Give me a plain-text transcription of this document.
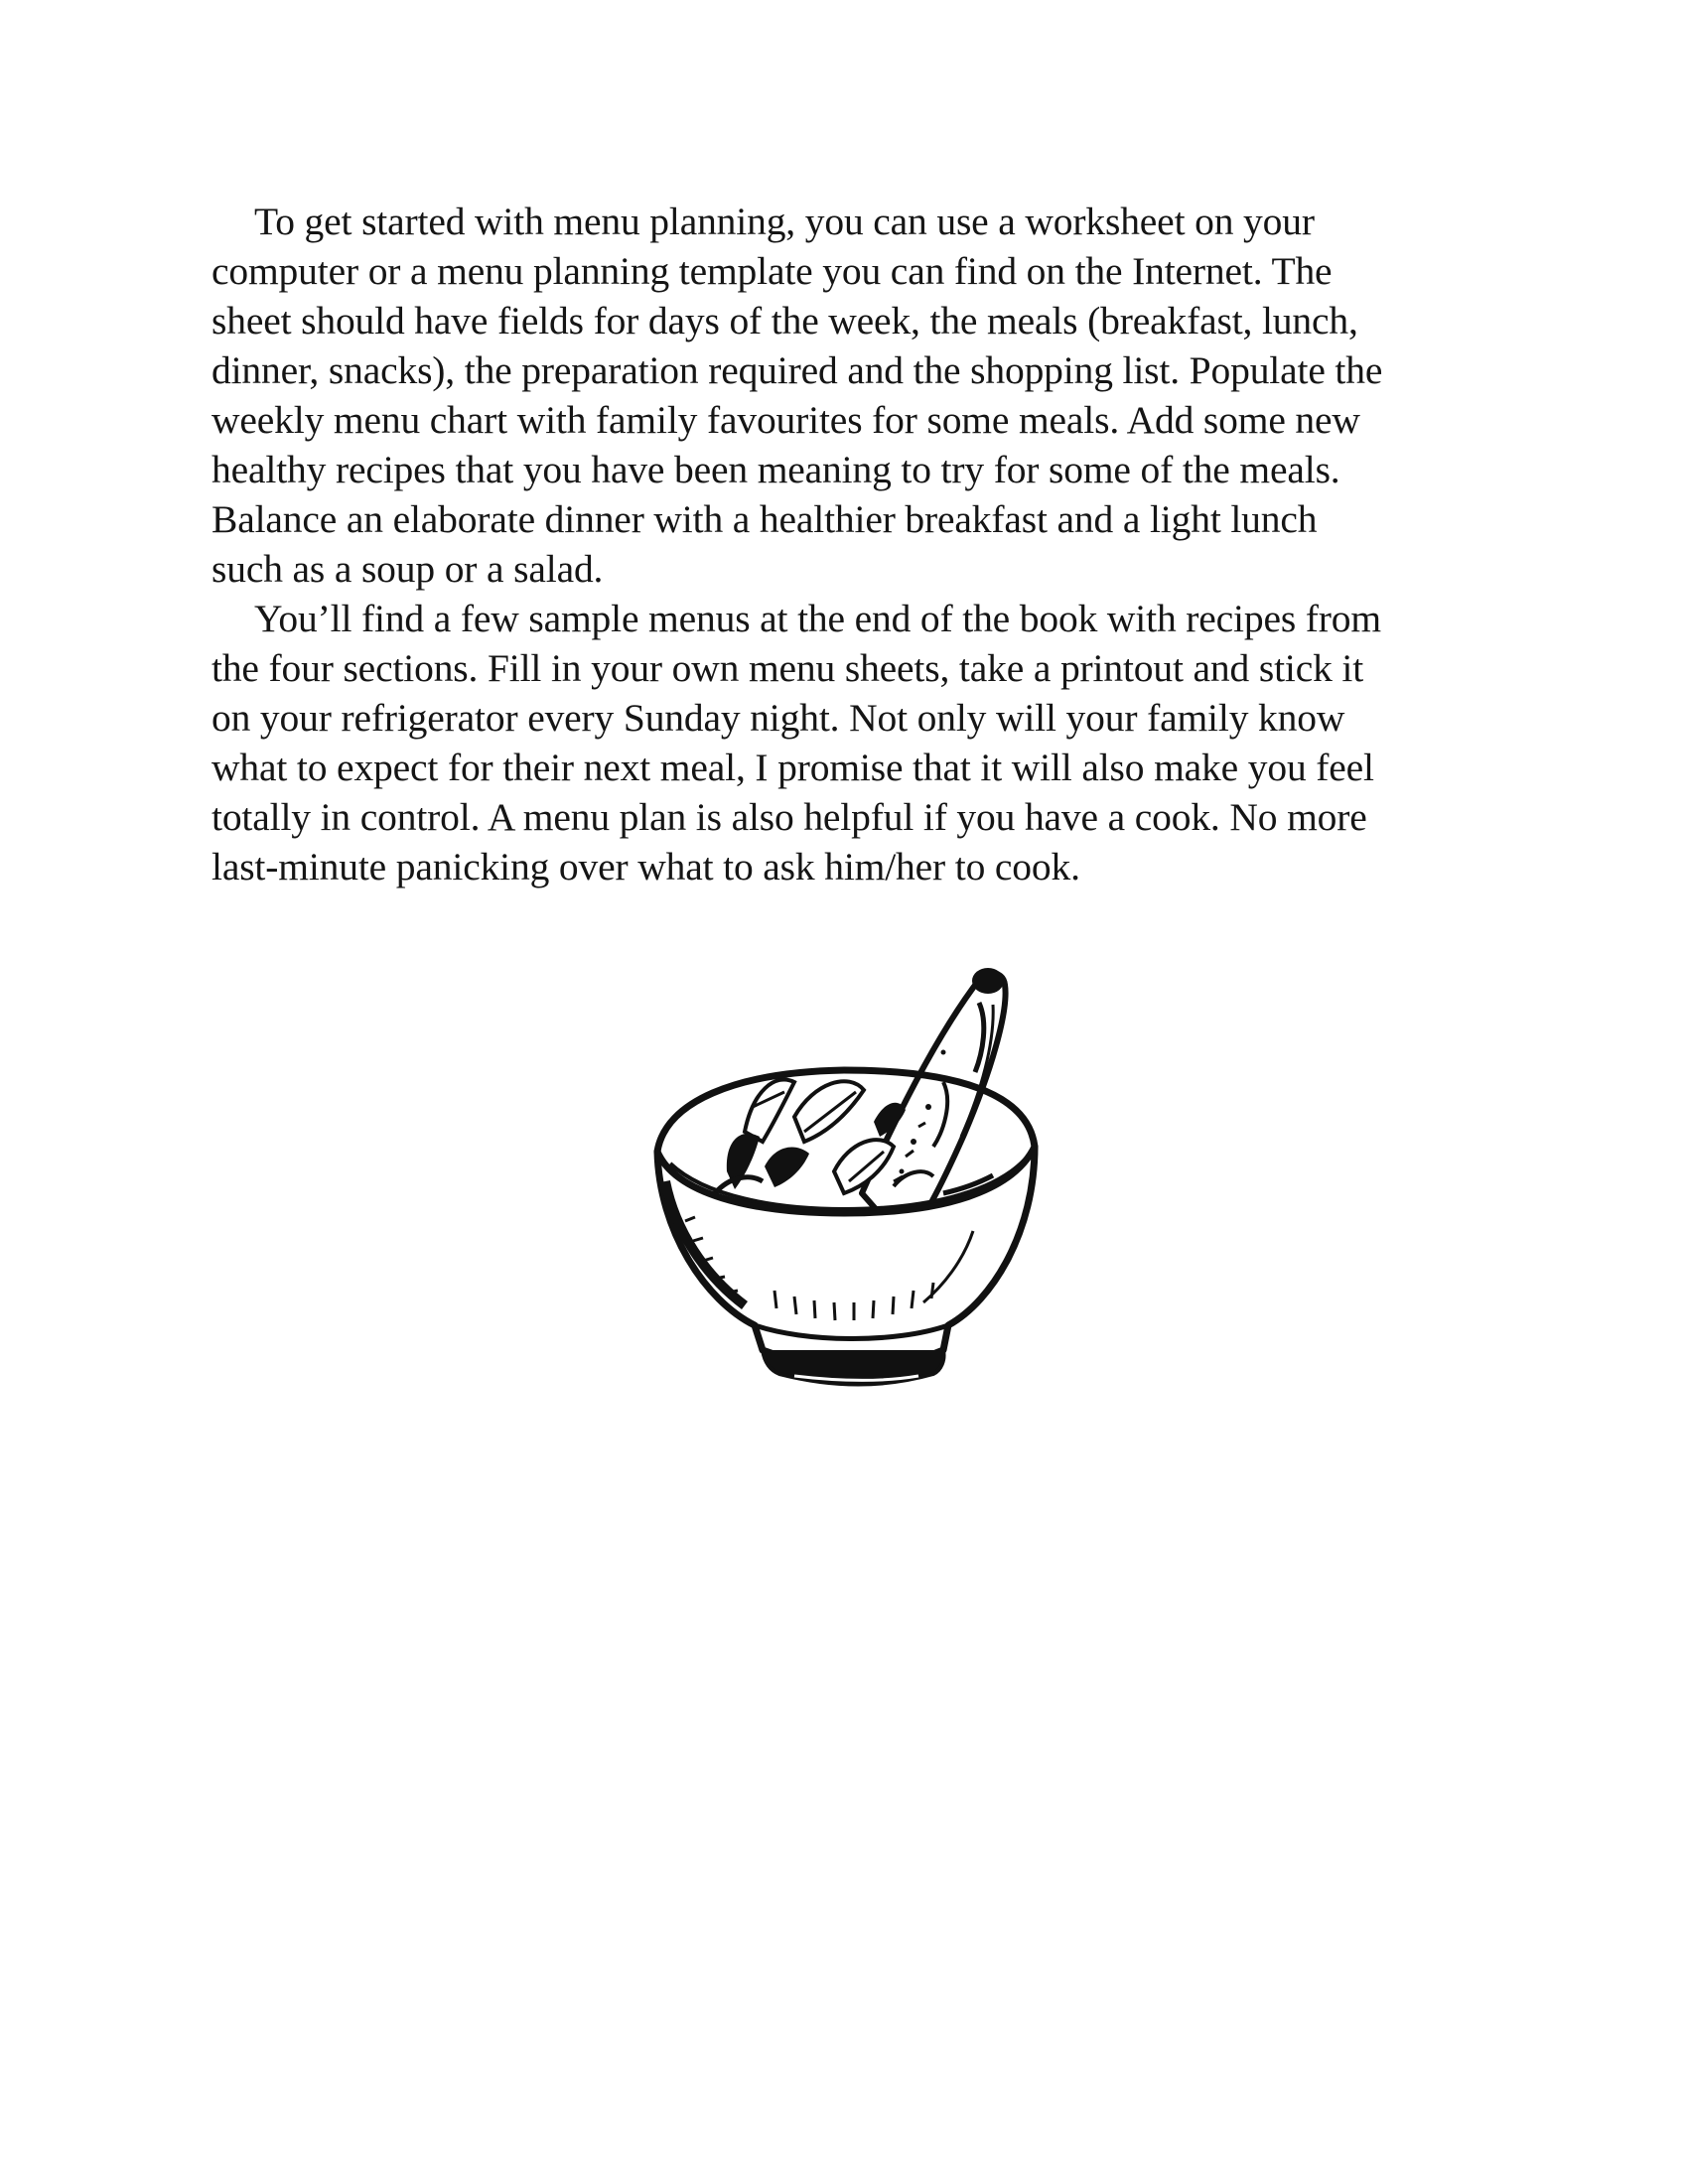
To get started with menu planning, you can use a worksheet on your
computer or a menu planning template you can find on the Internet. The
sheet should have fields for days of the week, the meals (breakfast, lunch,
dinner, snacks), the preparation required and the shopping list. Populate the
weekly menu chart with family favourites for some meals. Add some new
healthy recipes that you have been meaning to try for some of the meals.
Balance an elaborate dinner with a healthier breakfast and a light lunch
such as a soup or a salad.

You’ll find a few sample menus at the end of the book with recipes from
the four sections. Fill in your own menu sheets, take a printout and stick it
on your refrigerator every Sunday night. Not only will your family know
what to expect for their next meal, I promise that it will also make you feel
totally in control. A menu plan is also helpful if you have a cook. No more
last-minute panicking over what to ask him/her to cook.
